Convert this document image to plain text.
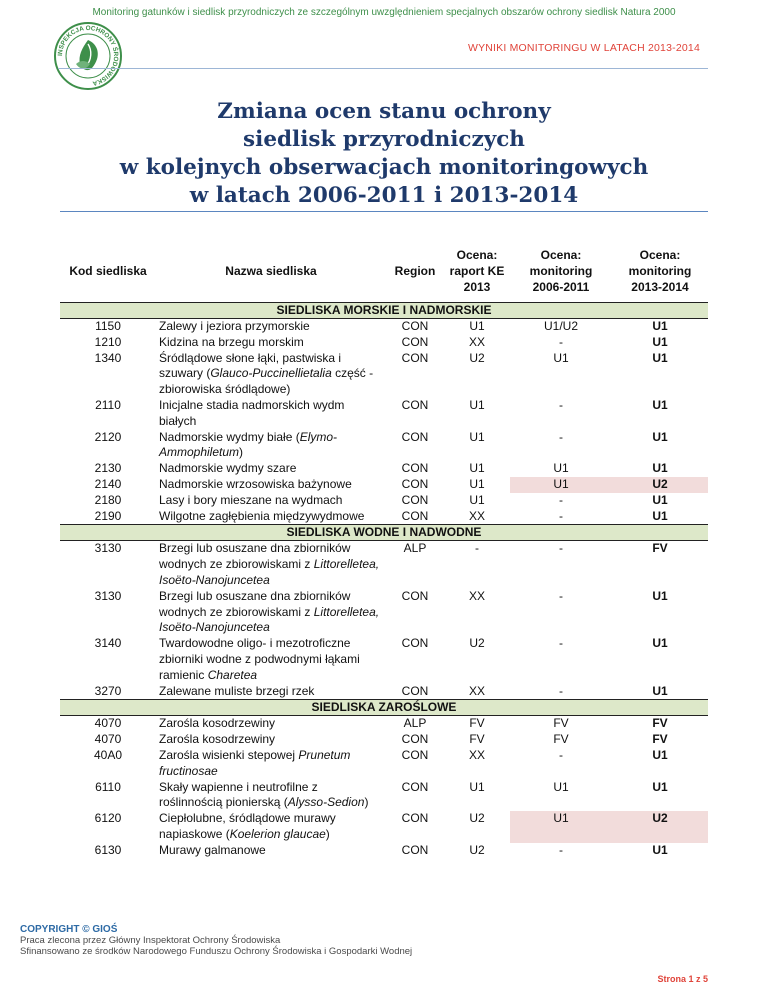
Monitoring gatunków i siedlisk przyrodniczych ze szczególnym uwzględnieniem specjalnych obszarów ochrony siedlisk Natura 2000
INSPEKCJA OCHRONY ŚRODOWISKA
WYNIKI MONITORINGU W LATACH 2013-2014
Zmiana ocen stanu ochrony
siedlisk przyrodniczych
w kolejnych obserwacjach monitoringowych
w latach 2006-2011 i 2013-2014
Kod siedliska	Nazwa siedliska	Region	Ocena: raport KE 2013	Ocena: monitoring 2006-2011	Ocena: monitoring 2013-2014
SIEDLISKA MORSKIE I NADMORSKIE					
1150	Zalewy i jeziora przymorskie	CON	U1	U1/U2	U1
1210	Kidzina na brzegu morskim	CON	XX	-	U1
1340	Śródlądowe słone łąki, pastwiska i szuwary (Glauco-Puccinellietalia część - zbiorowiska śródlądowe)	CON	U2	U1	U1
2110	Inicjalne stadia nadmorskich wydm białych	CON	U1	-	U1
2120	Nadmorskie wydmy białe (Elymo-Ammophiletum)	CON	U1	-	U1
2130	Nadmorskie wydmy szare	CON	U1	U1	U1
2140	Nadmorskie wrzosowiska bażynowe	CON	U1	U1	U2
2180	Lasy i bory mieszane na wydmach	CON	U1	-	U1
2190	Wilgotne zagłębienia międzywydmowe	CON	XX	-	U1
SIEDLISKA WODNE I NADWODNE					
3130	Brzegi lub osuszane dna zbiorników wodnych ze zbiorowiskami z Littorelletea, Isoëto-Nanojuncetea	ALP	-	-	FV
3130	Brzegi lub osuszane dna zbiorników wodnych ze zbiorowiskami z Littorelletea, Isoëto-Nanojuncetea	CON	XX	-	U1
3140	Twardowodne oligo- i mezotroficzne zbiorniki wodne z podwodnymi łąkami ramienic Charetea	CON	U2	-	U1
3270	Zalewane muliste brzegi rzek	CON	XX	-	U1
SIEDLISKA ZAROŚLOWE					
4070	Zarośla kosodrzewiny	ALP	FV	FV	FV
4070	Zarośla kosodrzewiny	CON	FV	FV	FV
40A0	Zarośla wisienki stepowej Prunetum fructinosae	CON	XX	-	U1
6110	Skały wapienne i neutrofilne z roślinnością pionierską (Alysso-Sedion)	CON	U1	U1	U1
6120	Ciepłolubne, śródlądowe murawy napiaskowe (Koelerion glaucae)	CON	U2	U1	U2
6130	Murawy galmanowe	CON	U2	-	U1
COPYRIGHT © GIOŚ
Praca zlecona przez Główny Inspektorat Ochrony Środowiska
Sfinansowano ze środków Narodowego Funduszu Ochrony Środowiska i Gospodarki Wodnej
Strona 1 z 5
